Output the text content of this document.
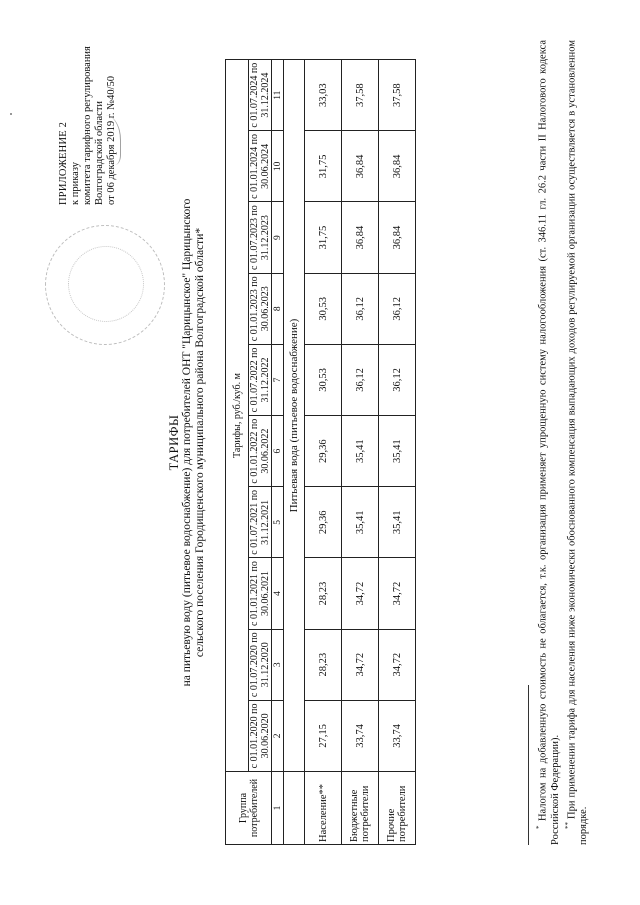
ПРИЛОЖЕНИЕ 2 к приказу комитета тарифного регулирования Волгоградской области от 06 декабря 2019 г. №40/50
ТАРИФЫ на питьевую воду (питьевое водоснабжение) для потребителей ОНТ "Царицынское" Царицынского сельского поселения Городищенского муниципального района Волгоградской области*
Группа потребителей	Тарифы, руб./куб. м									
	с 01.01.2020 по 30.06.2020	с 01.07.2020 по 31.12.2020	с 01.01.2021 по 30.06.2021	с 01.07.2021 по 31.12.2021	с 01.01.2022 по 30.06.2022	с 01.07.2022 по 31.12.2022	с 01.01.2023 по 30.06.2023	с 01.07.2023 по 31.12.2023	с 01.01.2024 по 30.06.2024	с 01.07.2024 по 31.12.2024
1	2	3	4	5	6	7	8	9	10	11
	Питьевая вода (питьевое водоснабжение)									
Население**	27,15	28,23	28,23	29,36	29,36	30,53	30,53	31,75	31,75	33,03
Бюджетные потребители	33,74	34,72	34,72	35,41	35,41	36,12	36,12	36,84	36,84	37,58
Прочие потребители	33,74	34,72	34,72	35,41	35,41	36,12	36,12	36,84	36,84	37,58

* Налогом на добавленную стоимость не облагается, т.к. организация применяет упрощенную систему налогообложения (ст. 346.11 гл. 26.2 части II Налогового кодекса Российской Федерации). ** При применении тарифа для населения ниже экономически обоснованного компенсация выпадающих доходов регулируемой организации осуществляется в установленном порядке.
